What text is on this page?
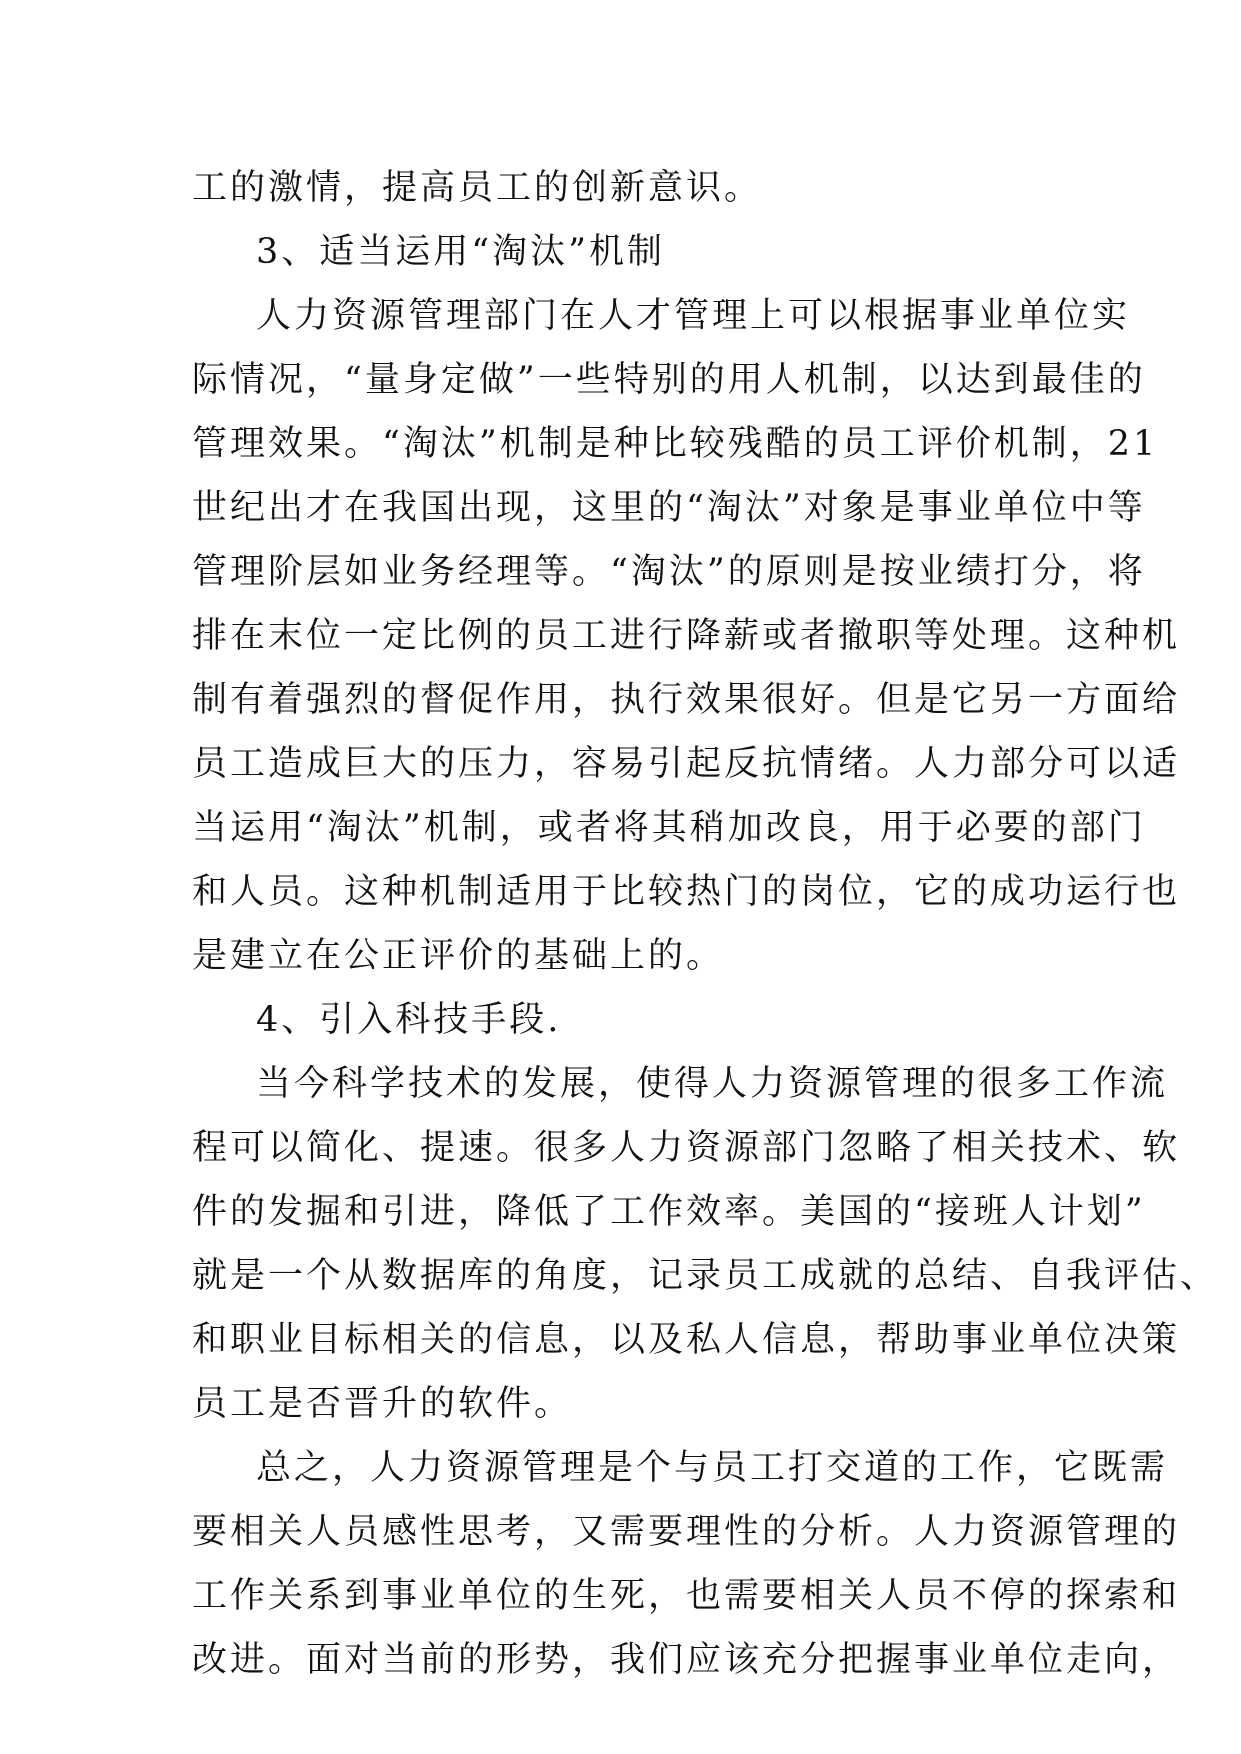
工的激情，提高员工的创新意识。
3、适当运用“淘汰”机制
人力资源管理部门在人才管理上可以根据事业单位实
际情况，“量身定做”一些特别的用人机制，以达到最佳的
管理效果。“淘汰”机制是种比较残酷的员工评价机制，21
世纪出才在我国出现，这里的“淘汰”对象是事业单位中等
管理阶层如业务经理等。“淘汰”的原则是按业绩打分，将
排在末位一定比例的员工进行降薪或者撤职等处理。这种机
制有着强烈的督促作用，执行效果很好。但是它另一方面给
员工造成巨大的压力，容易引起反抗情绪。人力部分可以适
当运用“淘汰”机制，或者将其稍加改良，用于必要的部门
和人员。这种机制适用于比较热门的岗位，它的成功运行也
是建立在公正评价的基础上的。
4、引入科技手段.
当今科学技术的发展，使得人力资源管理的很多工作流
程可以简化、提速。很多人力资源部门忽略了相关技术、软
件的发掘和引进，降低了工作效率。美国的“接班人计划”
就是一个从数据库的角度，记录员工成就的总结、自我评估、
和职业目标相关的信息，以及私人信息，帮助事业单位决策
员工是否晋升的软件。
总之，人力资源管理是个与员工打交道的工作，它既需
要相关人员感性思考，又需要理性的分析。人力资源管理的
工作关系到事业单位的生死，也需要相关人员不停的探索和
改进。面对当前的形势，我们应该充分把握事业单位走向，
